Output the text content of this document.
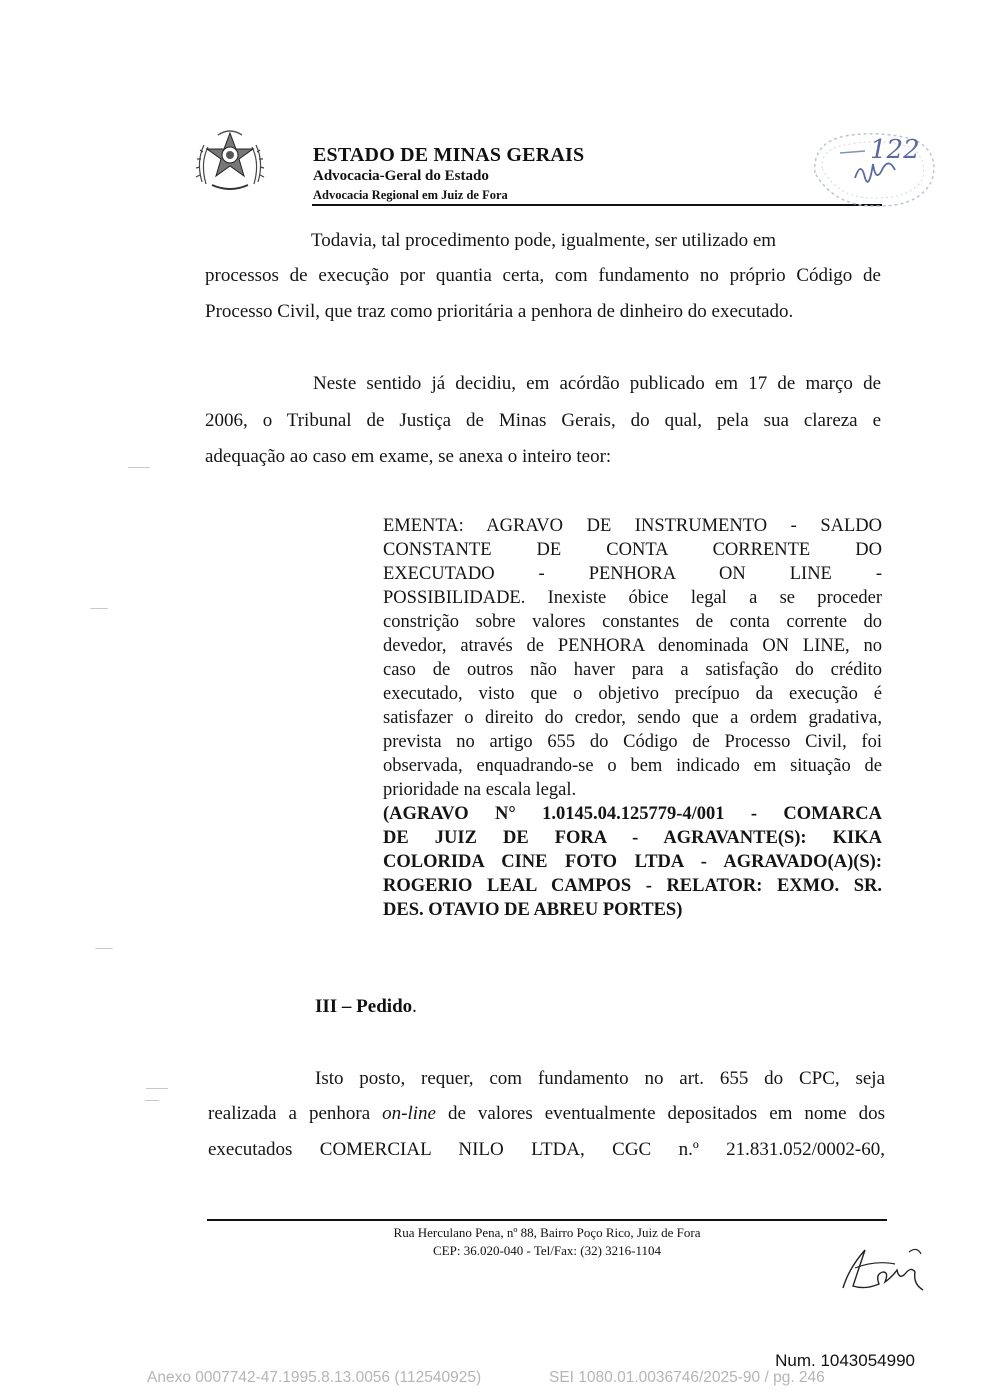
ESTADO DE MINAS GERAIS
Advocacia-Geral do Estado
Advocacia Regional em Juiz de Fora
122
Todavia, tal procedimento pode, igualmente, ser utilizado em
processos de execução por quantia certa, com fundamento no próprio Código de
Processo Civil, que traz como prioritária a penhora de dinheiro do executado.
Neste sentido já decidiu, em acórdão publicado em 17 de março de
2006, o Tribunal de Justiça de Minas Gerais, do qual, pela sua clareza e
adequação ao caso em exame, se anexa o inteiro teor:
EMENTA: AGRAVO DE INSTRUMENTO - SALDO
CONSTANTE DE CONTA CORRENTE DO
EXECUTADO - PENHORA ON LINE -
POSSIBILIDADE. Inexiste óbice legal a se proceder
constrição sobre valores constantes de conta corrente do
devedor, através de PENHORA denominada ON LINE, no
caso de outros não haver para a satisfação do crédito
executado, visto que o objetivo precípuo da execução é
satisfazer o direito do credor, sendo que a ordem gradativa,
prevista no artigo 655 do Código de Processo Civil, foi
observada, enquadrando-se o bem indicado em situação de
prioridade na escala legal.
(AGRAVO N° 1.0145.04.125779-4/001 - COMARCA
DE JUIZ DE FORA - AGRAVANTE(S): KIKA
COLORIDA CINE FOTO LTDA - AGRAVADO(A)(S):
ROGERIO LEAL CAMPOS - RELATOR: EXMO. SR.
DES. OTAVIO DE ABREU PORTES)
III – Pedido.
Isto posto, requer, com fundamento no art. 655 do CPC, seja
realizada a penhora on-line de valores eventualmente depositados em nome dos
executados COMERCIAL NILO LTDA, CGC n.º 21.831.052/0002-60,
Rua Herculano Pena, nº 88, Bairro Poço Rico, Juiz de Fora
CEP: 36.020-040 - Tel/Fax: (32) 3216-1104
Num. 1043054990
Anexo 0007742-47.1995.8.13.0056 (112540925)	SEI 1080.01.0036746/2025-90 / pg. 246
